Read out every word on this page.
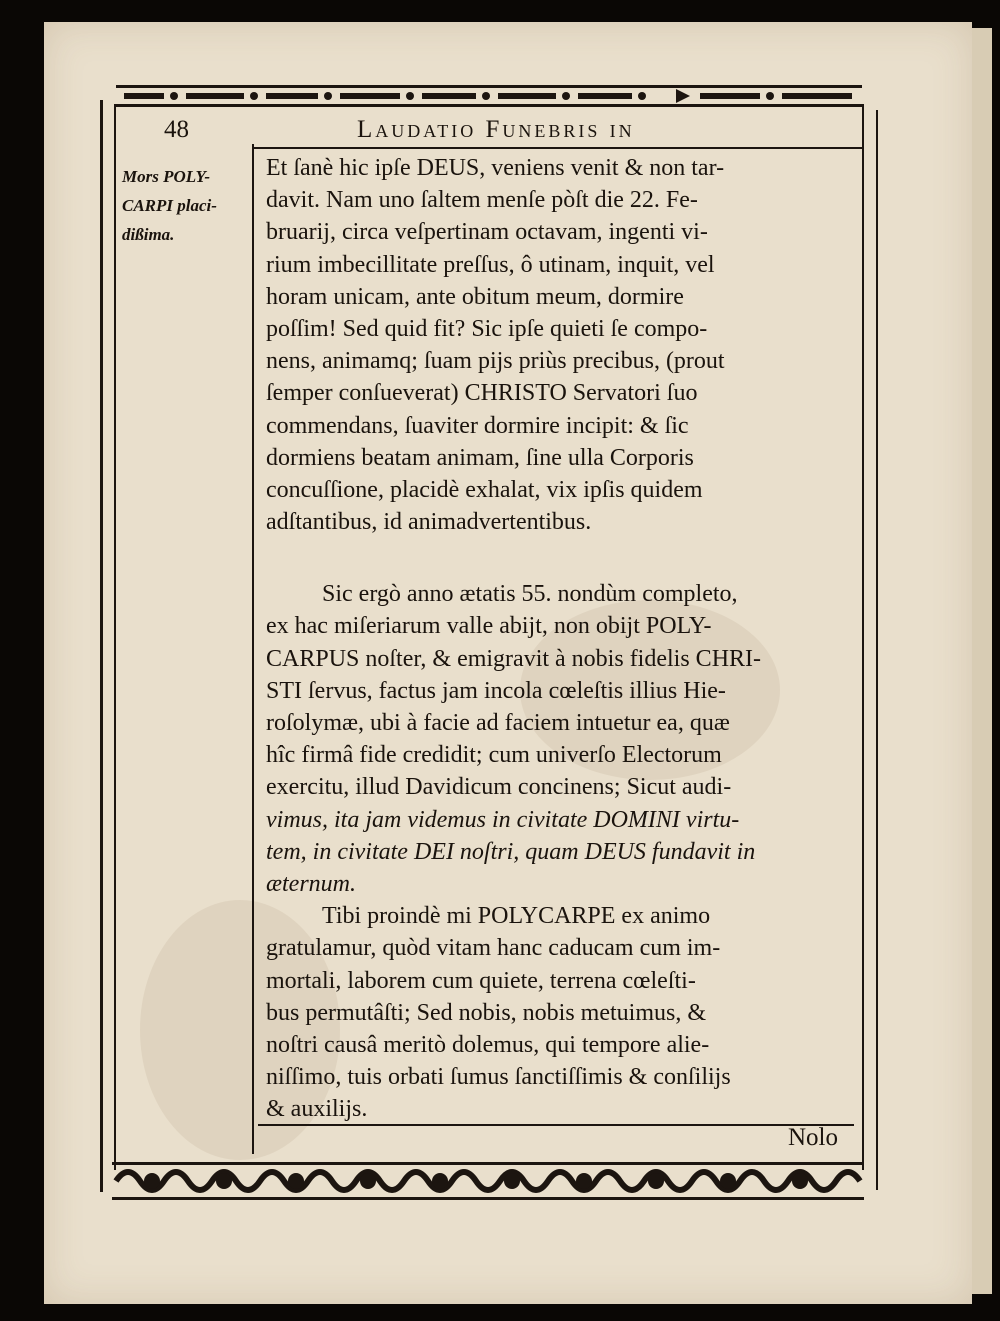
48	Laudatio Funebris in
Mors POLY-
CARPI placi-
dißima.
Et ſanè hic ipſe DEUS, veniens venit & non tar-
davit. Nam uno ſaltem menſe pòſt die 22. Fe-
bruarij, circa veſpertinam octavam, ingenti vi-
rium imbecillitate preſſus, ô utinam, inquit, vel
horam unicam, ante obitum meum, dormire
poſſim! Sed quid fit? Sic ipſe quieti ſe compo-
nens, animamq; ſuam pijs priùs precibus, (prout
ſemper conſueverat) CHRISTO Servatori ſuo
commendans, ſuaviter dormire incipit: & ſic
dormiens beatam animam, ſine ulla Corporis
concuſſione, placidè exhalat, vix ipſis quidem
adſtantibus, id animadvertentibus.
Sic ergò anno ætatis 55. nondùm completo,
ex hac miſeriarum valle abijt, non obijt POLY-
CARPUS noſter, & emigravit à nobis fidelis CHRI-
STI ſervus, factus jam incola cœleſtis illius Hie-
roſolymæ, ubi à facie ad faciem intuetur ea, quæ
hîc firmâ fide credidit; cum univerſo Electorum
exercitu, illud Davidicum concinens; Sicut audi-
vimus, ita jam videmus in civitate DOMINI virtu-
tem, in civitate DEI noſtri, quam DEUS fundavit in
æternum.
Tibi proindè mi POLYCARPE ex animo
gratulamur, quòd vitam hanc caducam cum im-
mortali, laborem cum quiete, terrena cœleſti-
bus permutâſti; Sed nobis, nobis metuimus, &
noſtri causâ meritò dolemus, qui tempore alie-
niſſimo, tuis orbati ſumus ſanctiſſimis & conſilijs
& auxilijs.
Nolo
